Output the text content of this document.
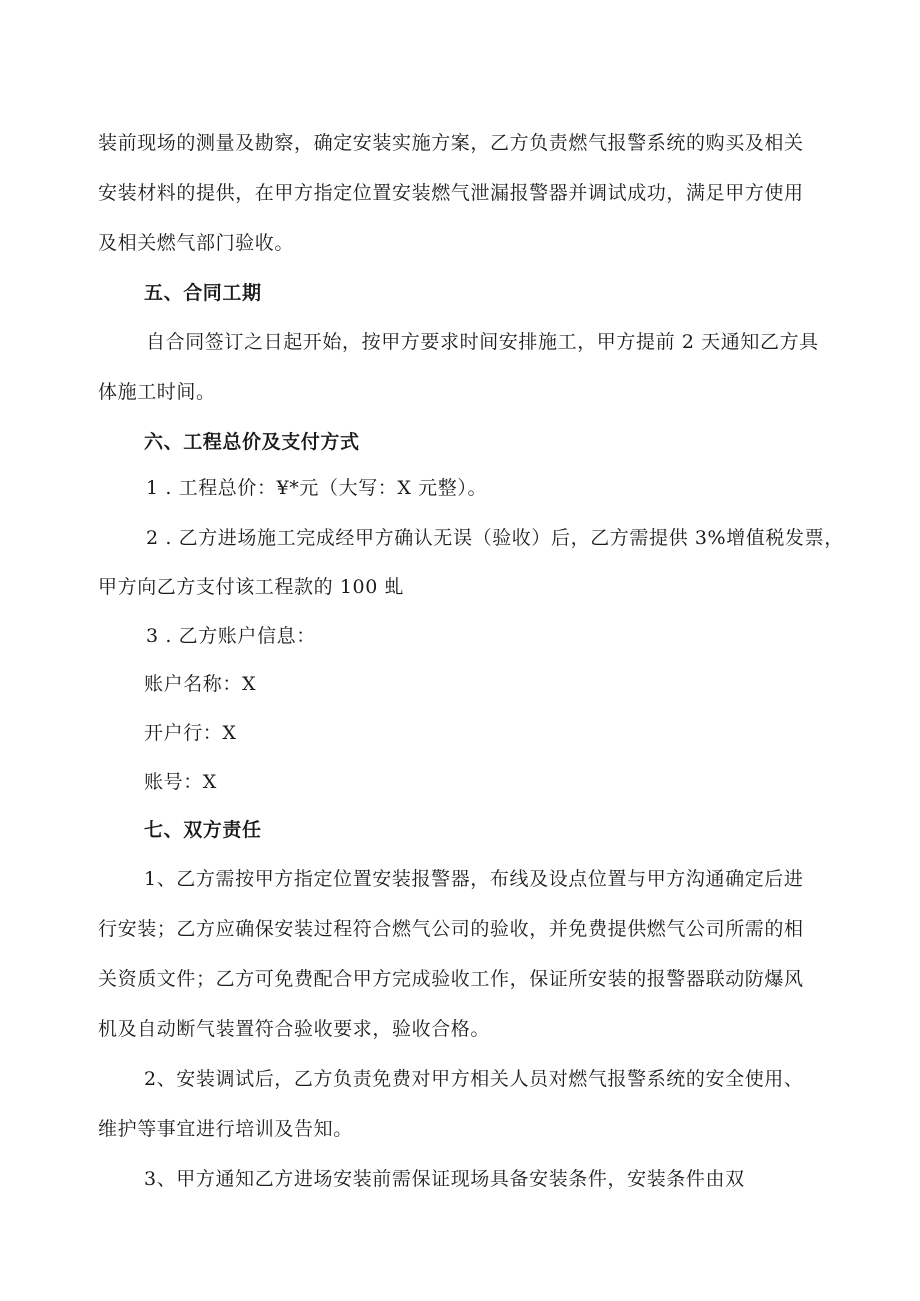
装前现场的测量及勘察，确定安装实施方案，乙方负责燃气报警系统的购买及相关
安装材料的提供，在甲方指定位置安装燃气泄漏报警器并调试成功，满足甲方使用
及相关燃气部门验收。
五、合同工期
自合同签订之日起开始，按甲方要求时间安排施工，甲方提前 2 天通知乙方具
体施工时间。
六、工程总价及支付方式
1 . 工程总价：¥*元（大写：X 元整）。
2 . 乙方进场施工完成经甲方确认无误（验收）后，乙方需提供 3%增值税发票，
甲方向乙方支付该工程款的 100 虬
3 . 乙方账户信息：
账户名称：X
开户行：X
账号：X
七、双方责任
1、乙方需按甲方指定位置安装报警器，布线及设点位置与甲方沟通确定后进
行安装；乙方应确保安装过程符合燃气公司的验收，并免费提供燃气公司所需的相
关资质文件；乙方可免费配合甲方完成验收工作，保证所安装的报警器联动防爆风
机及自动断气装置符合验收要求，验收合格。
2、安装调试后，乙方负责免费对甲方相关人员对燃气报警系统的安全使用、
维护等事宜进行培训及告知。
3、甲方通知乙方进场安装前需保证现场具备安装条件，安装条件由双
